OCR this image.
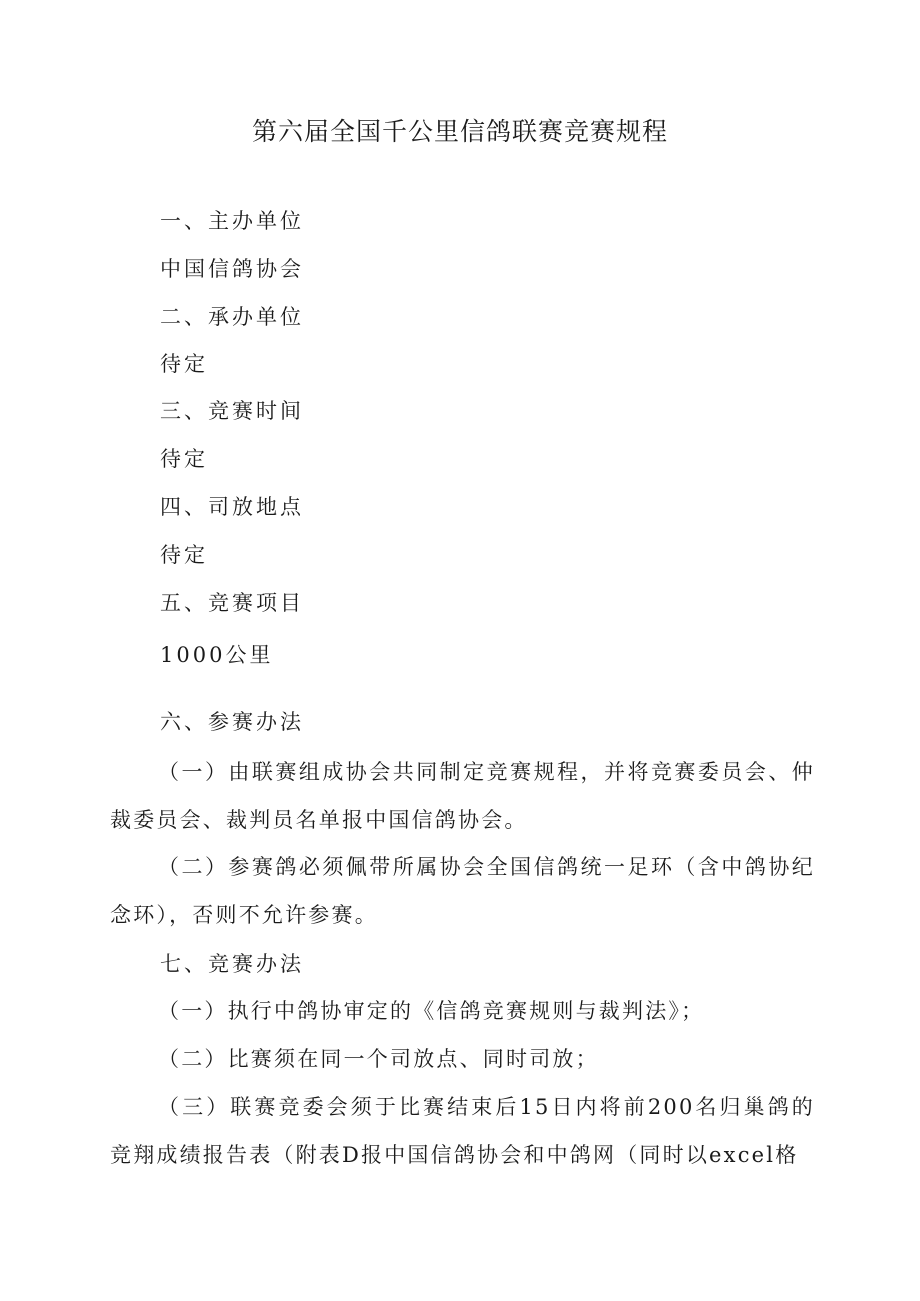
第六届全国千公里信鸽联赛竞赛规程
一、主办单位
中国信鸽协会
二、承办单位
待定
三、竞赛时间
待定
四、司放地点
待定
五、竞赛项目
1000公里
六、参赛办法
（一）由联赛组成协会共同制定竞赛规程，并将竞赛委员会、仲裁委员会、裁判员名单报中国信鸽协会。
（二）参赛鸽必须佩带所属协会全国信鸽统一足环（含中鸽协纪念环），否则不允许参赛。
七、竞赛办法
（一）执行中鸽协审定的《信鸽竞赛规则与裁判法》；
（二）比赛须在同一个司放点、同时司放；
（三）联赛竞委会须于比赛结束后15日内将前200名归巢鸽的竞翔成绩报告表（附表D报中国信鸽协会和中鸽网（同时以excel格
